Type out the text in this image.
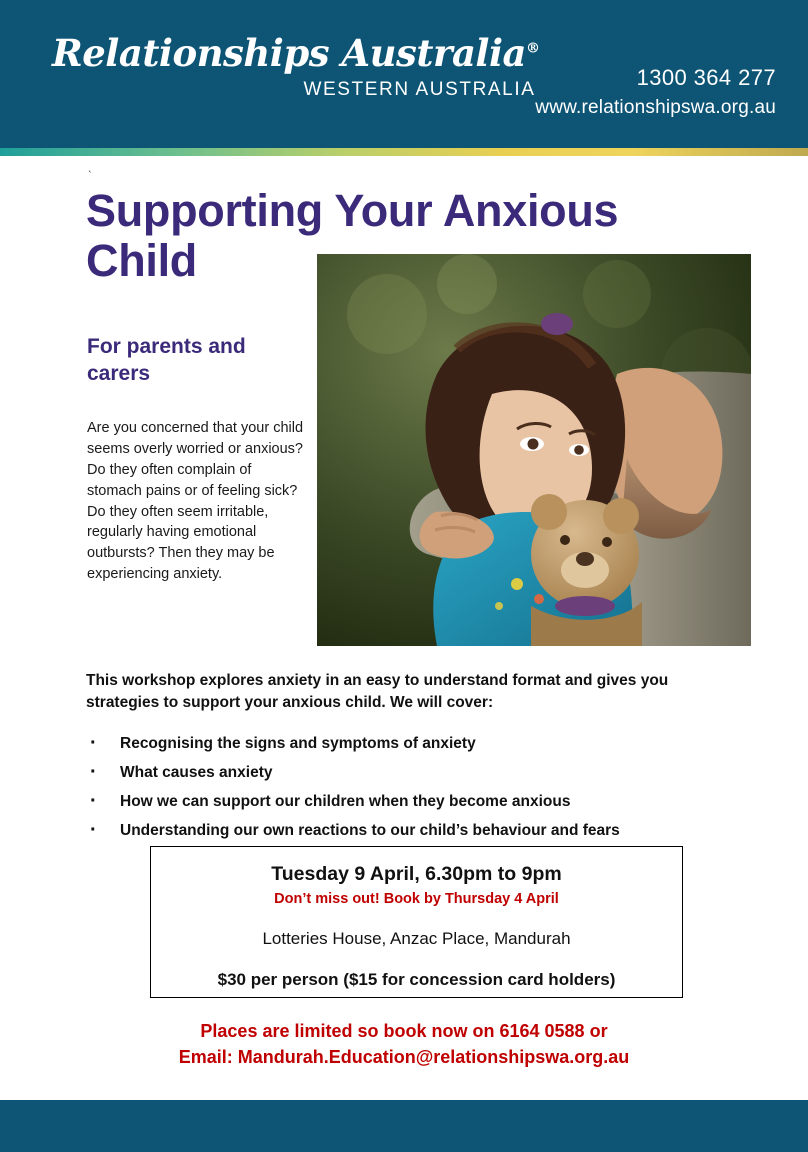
Relationships Australia®
WESTERN AUSTRALIA	1300 364 277
www.relationshipswa.org.au
`
Supporting Your Anxious Child
For parents and carers
Are you concerned that your child seems overly worried or anxious? Do they often complain of stomach pains or of feeling sick? Do they often seem irritable, regularly having emotional outbursts? Then they may be experiencing anxiety.
This workshop explores anxiety in an easy to understand format and gives you strategies to support your anxious child. We will cover:
· Recognising the signs and symptoms of anxiety
· What causes anxiety
· How we can support our children when they become anxious
· Understanding our own reactions to our child’s behaviour and fears
Tuesday 9 April, 6.30pm to 9pm
Don’t miss out! Book by Thursday 4 April
Lotteries House, Anzac Place, Mandurah
$30 per person ($15 for concession card holders)
Places are limited so book now on 6164 0588 or
Email: Mandurah.Education@relationshipswa.org.au
